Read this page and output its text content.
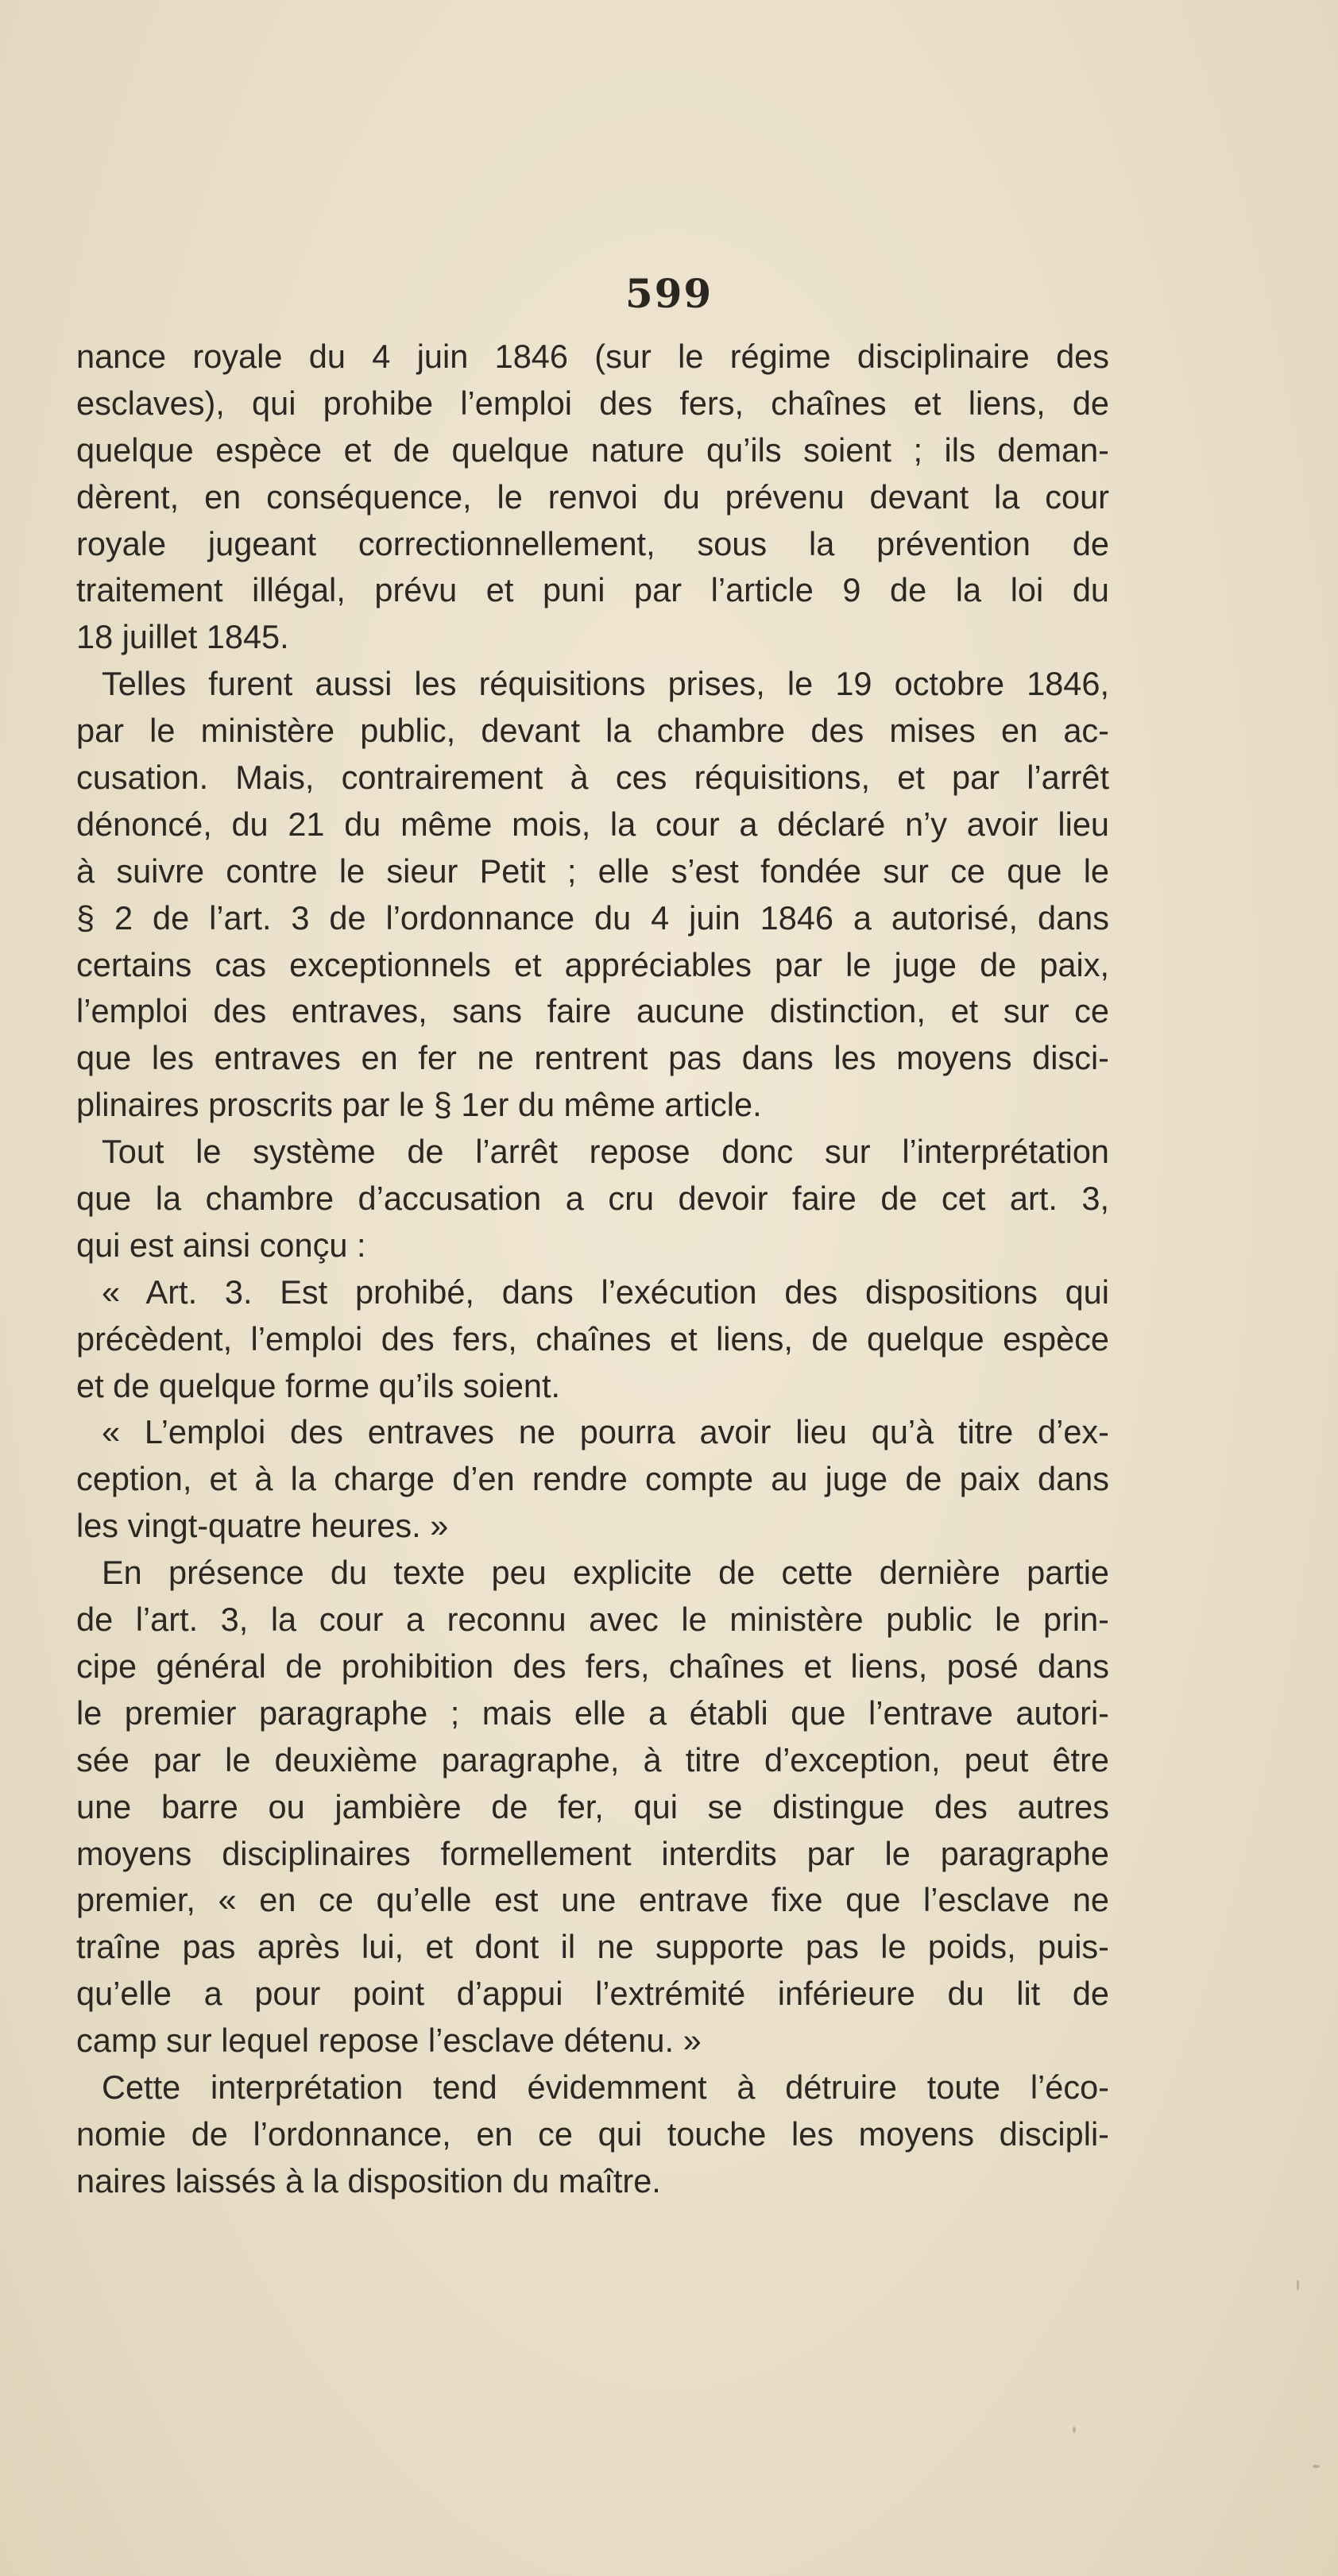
599
nance royale du 4 juin 1846 (sur le régime disciplinaire des
esclaves), qui prohibe l’emploi des fers, chaînes et liens, de
quelque espèce et de quelque nature qu’ils soient ; ils deman-
dèrent, en conséquence, le renvoi du prévenu devant la cour
royale jugeant correctionnellement, sous la prévention de
traitement illégal, prévu et puni par l’article 9 de la loi du
18 juillet 1845.
Telles furent aussi les réquisitions prises, le 19 octobre 1846,
par le ministère public, devant la chambre des mises en ac-
cusation. Mais, contrairement à ces réquisitions, et par l’arrêt
dénoncé, du 21 du même mois, la cour a déclaré n’y avoir lieu
à suivre contre le sieur Petit ; elle s’est fondée sur ce que le
§ 2 de l’art. 3 de l’ordonnance du 4 juin 1846 a autorisé, dans
certains cas exceptionnels et appréciables par le juge de paix,
l’emploi des entraves, sans faire aucune distinction, et sur ce
que les entraves en fer ne rentrent pas dans les moyens disci-
plinaires proscrits par le § 1er du même article.
Tout le système de l’arrêt repose donc sur l’interprétation
que la chambre d’accusation a cru devoir faire de cet art. 3,
qui est ainsi conçu :
« Art. 3. Est prohibé, dans l’exécution des dispositions qui
précèdent, l’emploi des fers, chaînes et liens, de quelque espèce
et de quelque forme qu’ils soient.
« L’emploi des entraves ne pourra avoir lieu qu’à titre d’ex-
ception, et à la charge d’en rendre compte au juge de paix dans
les vingt-quatre heures. »
En présence du texte peu explicite de cette dernière partie
de l’art. 3, la cour a reconnu avec le ministère public le prin-
cipe général de prohibition des fers, chaînes et liens, posé dans
le premier paragraphe ; mais elle a établi que l’entrave autori-
sée par le deuxième paragraphe, à titre d’exception, peut être
une barre ou jambière de fer, qui se distingue des autres
moyens disciplinaires formellement interdits par le paragraphe
premier, « en ce qu’elle est une entrave fixe que l’esclave ne
traîne pas après lui, et dont il ne supporte pas le poids, puis-
qu’elle a pour point d’appui l’extrémité inférieure du lit de
camp sur lequel repose l’esclave détenu. »
Cette interprétation tend évidemment à détruire toute l’éco-
nomie de l’ordonnance, en ce qui touche les moyens discipli-
naires laissés à la disposition du maître.
